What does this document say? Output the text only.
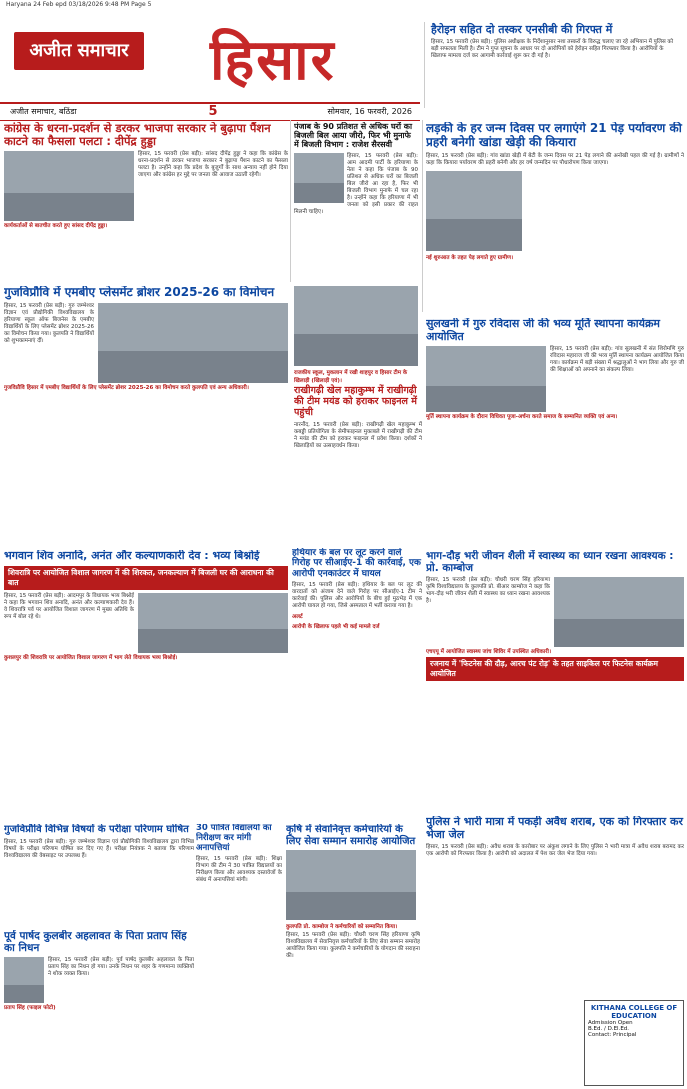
Haryana 24 Feb epd 03/18/2026 9:48 PM Page 5
अजीत समाचार हिसार	हैरोइन सहित दो तस्कर एनसीबी की गिरफ्त में

हिसार, 15 फरवरी (प्रेस बड़ी): पुलिस अधीक्षक के निर्देशानुसार नशा तस्करों के विरुद्ध चलाए जा रहे अभियान में पुलिस को बड़ी सफलता मिली है। टीम ने गुप्त सूचना के आधार पर दो आरोपियों को हेरोइन सहित गिरफ्तार किया है। आरोपियों के खिलाफ मामला दर्ज कर आगामी कार्रवाई शुरू कर दी गई है।

अजीत समाचार, बठिंडा	5	सोमवार, 16 फरवरी, 2026
कांग्रेस के धरना-प्रदर्शन से डरकर भाजपा सरकार ने बुढ़ापा पैंशन काटने का फैसला पलटा : दीपेंद्र हुड्डा

हिसार, 15 फरवरी (प्रेस बड़ी): सांसद दीपेंद्र हुड्डा ने कहा कि कांग्रेस के धरना-प्रदर्शन से डरकर भाजपा सरकार ने बुढ़ापा पैंशन काटने का फैसला पलटा है। उन्होंने कहा कि प्रदेश के बुजुर्गों के साथ अन्याय नहीं होने दिया जाएगा और कांग्रेस हर मुद्दे पर जनता की आवाज उठाती रहेगी।

कार्यकर्ताओं से बातचीत करते हुए सांसद दीपेंद्र हुड्डा।
पंजाब के 90 प्रतिशत से अधिक घरों का बिजली बिल आया जीरो, फिर भी मुनाफे में बिजली विभाग : राजेश सैरसवी

हिसार, 15 फरवरी (प्रेस बड़ी): आम आदमी पार्टी के हरियाणा के नेता ने कहा कि पंजाब के 90 प्रतिशत से अधिक घरों का बिजली बिल जीरो आ रहा है, फिर भी बिजली विभाग मुनाफे में चल रहा है। उन्होंने कहा कि हरियाणा में भी जनता को इसी प्रकार की राहत मिलनी चाहिए।

लड़की के हर जन्म दिवस पर लगाएंगे 21 पेड़ पर्यावरण की प्रहरी बनेगी खांडा खेड़ी की कियारा

हिसार, 15 फरवरी (प्रेस बड़ी): गांव खांडा खेड़ी में बेटी के जन्म दिवस पर 21 पेड़ लगाने की अनोखी पहल की गई है। ग्रामीणों ने कहा कि कियारा पर्यावरण की प्रहरी बनेगी और हर वर्ष जन्मदिन पर पौधारोपण किया जाएगा।

नई शुरुआत के तहत पेड़ लगाते हुए ग्रामीण।
गुजविप्रौवि में एमबीए प्लेसमेंट ब्रोशर 2025-26 का विमोचन

हिसार, 15 फरवरी (प्रेस बड़ी): गुरु जम्भेश्वर विज्ञान एवं प्रौद्योगिकी विश्वविद्यालय के हरियाणा स्कूल ऑफ बिजनेस के एमबीए विद्यार्थियों के लिए प्लेसमेंट ब्रोशर 2025-26 का विमोचन किया गया। कुलपति ने विद्यार्थियों को शुभकामनाएं दीं।

गुजविप्रौवि हिसार में एमबीए विद्यार्थियों के लिए प्लेसमेंट ब्रोशर 2025-26 का विमोचन करते कुलपति एवं अन्य अधिकारी।
राजकीय स्कूल, मुकलान में रखी शाहपुर व हिसार टीम के खिलाड़ी (खिलाड़ी एवं)।
राखीगढ़ी खेल महाकुम्भ में राखीगढ़ी की टीम मयंड को हराकर फाइनल में पहुंची

नारनौंद, 15 फरवरी (प्रेस बड़ी): राखीगढ़ी खेल महाकुम्भ में कबड्डी प्रतियोगिता के सेमीफाइनल मुकाबले में राखीगढ़ी की टीम ने मयंड की टीम को हराकर फाइनल में प्रवेश किया। दर्शकों ने खिलाड़ियों का उत्साहवर्धन किया।

सुलखनी में गुरु रविदास जी की भव्य मूर्ति स्थापना कार्यक्रम आयोजित

हिसार, 15 फरवरी (प्रेस बड़ी): गांव सुलखनी में संत शिरोमणि गुरु रविदास महाराज जी की भव्य मूर्ति स्थापना कार्यक्रम आयोजित किया गया। कार्यक्रम में बड़ी संख्या में श्रद्धालुओं ने भाग लिया और गुरु जी की शिक्षाओं को अपनाने का संकल्प लिया।

मूर्ति स्थापना कार्यक्रम के दौरान विधिवत पूजा-अर्चना करते समाज के सम्मानित व्यक्ति एवं अन्य।
भगवान शिव अनादि, अनंत और कल्याणकारी देव : भव्य बिश्नोई
शिवरात्रि पर आयोजित विशाल जागरण में की शिरकत, जनकल्याण में बिजली घर की आराधना की बात

हिसार, 15 फरवरी (प्रेस बड़ी): आदमपुर के विधायक भव्य बिश्नोई ने कहा कि भगवान शिव अनादि, अनंत और कल्याणकारी देव हैं। वे शिवरात्रि पर्व पर आयोजित विशाल जागरण में मुख्य अतिथि के रूप में बोल रहे थे।

कुशलपुर की शिवरात्रि पर आयोजित विशाल जागरण में भाग लेते विधायक भव्य बिश्नोई।
हथियार के बल पर लूट करने वाले गिरोह पर सीआईए-1 की कार्रवाई, एक आरोपी एनकाउंटर में घायल

हिसार, 15 फरवरी (प्रेस बड़ी): हथियार के बल पर लूट की वारदातों को अंजाम देने वाले गिरोह पर सीआईए-1 टीम ने कार्रवाई की। पुलिस और आरोपियों के बीच हुई मुठभेड़ में एक आरोपी घायल हो गया, जिसे अस्पताल में भर्ती कराया गया है।

अलर्ट
आरोपी के खिलाफ पहले भी कई मामले दर्ज
भाग-दौड़ भरी जीवन शैली में स्वास्थ्य का ध्यान रखना आवश्यक : प्रो. काम्बोज

हिसार, 15 फरवरी (प्रेस बड़ी): चौधरी चरण सिंह हरियाणा कृषि विश्वविद्यालय के कुलपति प्रो. बीआर काम्बोज ने कहा कि भाग-दौड़ भरी जीवन शैली में स्वास्थ्य का ध्यान रखना आवश्यक है।

एचएयू में आयोजित स्वास्थ्य जांच शिविर में उपस्थित अधिकारी।
रजनाय में 'फिटनेस की दौड़, आरच पंट रोड़' के तहत साइकिल पर फिटनेस कार्यक्रम आयोजित
गुजविप्रौवि विभिन्न विषयों के परीक्षा परिणाम घोषित

हिसार, 15 फरवरी (प्रेस बड़ी): गुरु जम्भेश्वर विज्ञान एवं प्रौद्योगिकी विश्वविद्यालय द्वारा विभिन्न विषयों के परीक्षा परिणाम घोषित कर दिए गए हैं। परीक्षा नियंत्रक ने बताया कि परिणाम विश्वविद्यालय की वेबसाइट पर उपलब्ध हैं।

पूर्व पार्षद कुलबीर अहलावत के पिता प्रताप सिंह का निधन

हिसार, 15 फरवरी (प्रेस बड़ी): पूर्व पार्षद कुलबीर अहलावत के पिता प्रताप सिंह का निधन हो गया। उनके निधन पर शहर के गणमान्य व्यक्तियों ने शोक व्यक्त किया।

प्रताप सिंह (फाइल फोटो)
30 पात्रित विद्यालयों का निरीक्षण कर मांगी अनापत्तियां

हिसार, 15 फरवरी (प्रेस बड़ी): शिक्षा विभाग की टीम ने 30 पात्रित विद्यालयों का निरीक्षण किया और आवश्यक दस्तावेजों के संबंध में अनापत्तियां मांगी।

कृषि में सेवानिवृत्त कर्मचारियों के लिए सेवा सम्मान समारोह आयोजित
कुलपति प्रो. काम्बोज ने कर्मचारियों को सम्मानित किया।

हिसार, 15 फरवरी (प्रेस बड़ी): चौधरी चरण सिंह हरियाणा कृषि विश्वविद्यालय में सेवानिवृत्त कर्मचारियों के लिए सेवा सम्मान समारोह आयोजित किया गया। कुलपति ने कर्मचारियों के योगदान की सराहना की।

पुलिस ने भारी मात्रा में पकड़ी अवैध शराब, एक को गिरफ्तार कर भेजा जेल

हिसार, 15 फरवरी (प्रेस बड़ी): अवैध शराब के कारोबार पर अंकुश लगाने के लिए पुलिस ने भारी मात्रा में अवैध शराब बरामद कर एक आरोपी को गिरफ्तार किया है। आरोपी को अदालत में पेश कर जेल भेज दिया गया।

KITHANA COLLEGE OF EDUCATION
Admission Open
B.Ed. / D.El.Ed.
Contact: Principal
